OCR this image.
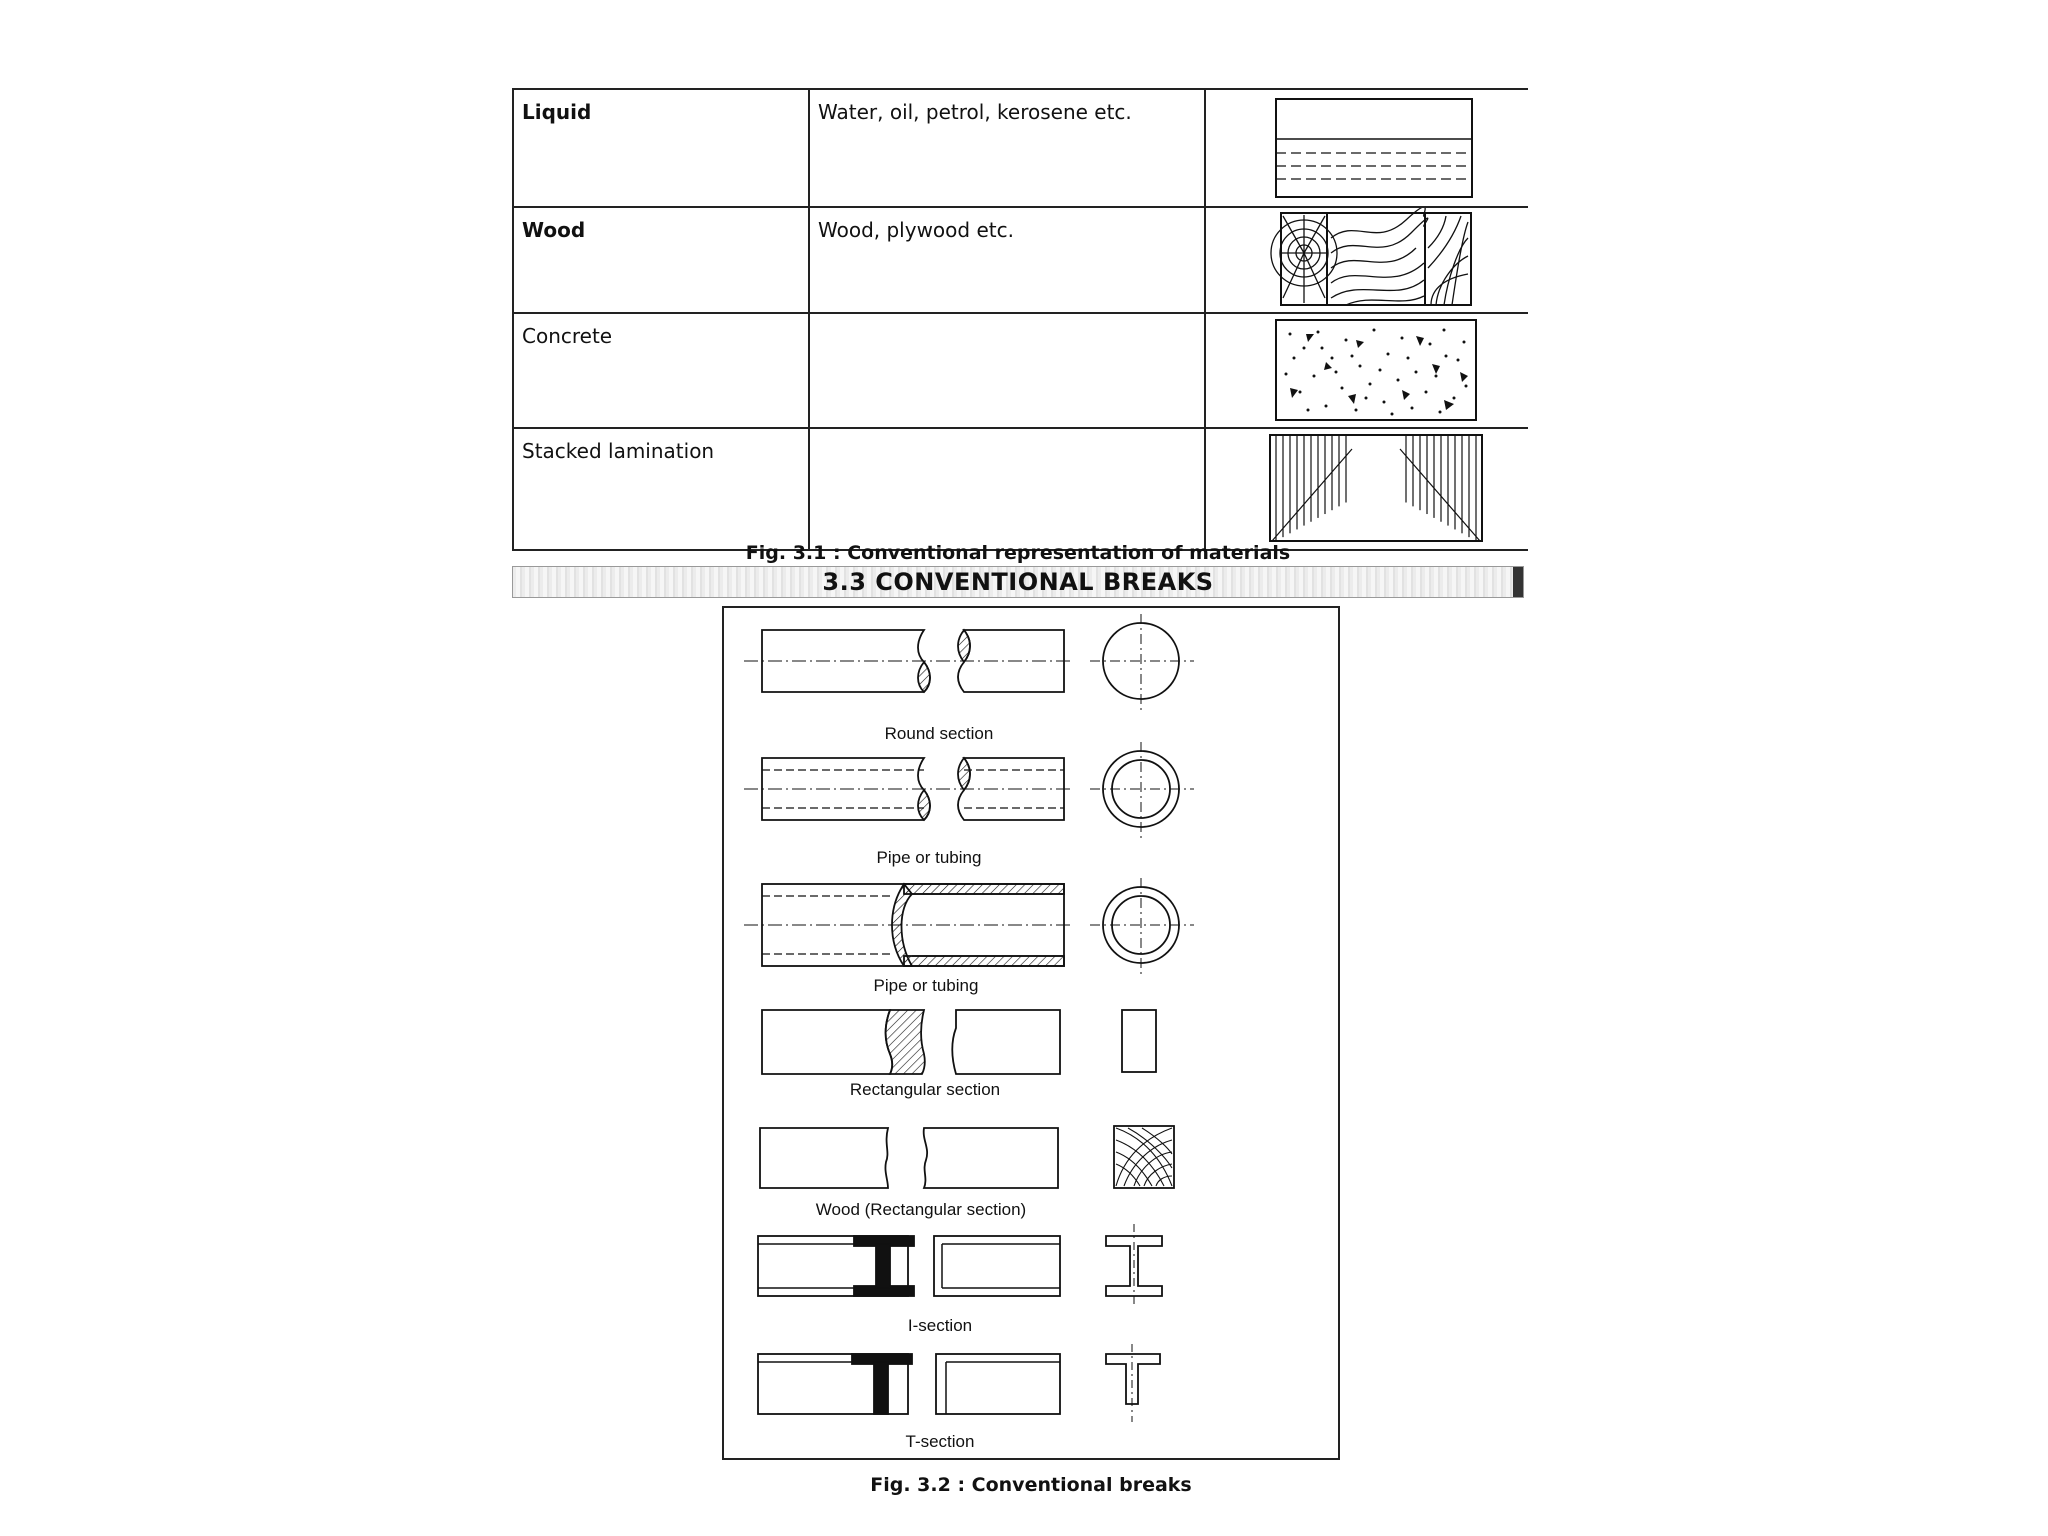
Liquid	Water, oil, petrol, kerosene etc.	

Wood	Wood, plywood etc.	

Concrete		

Stacked lamination		
Fig. 3.1 : Conventional representation of materials
3.3 CONVENTIONAL BREAKS
Round section
Pipe or tubing
Pipe or tubing
Rectangular section
Wood (Rectangular section)
I-section
T-section
Fig. 3.2 : Conventional breaks
